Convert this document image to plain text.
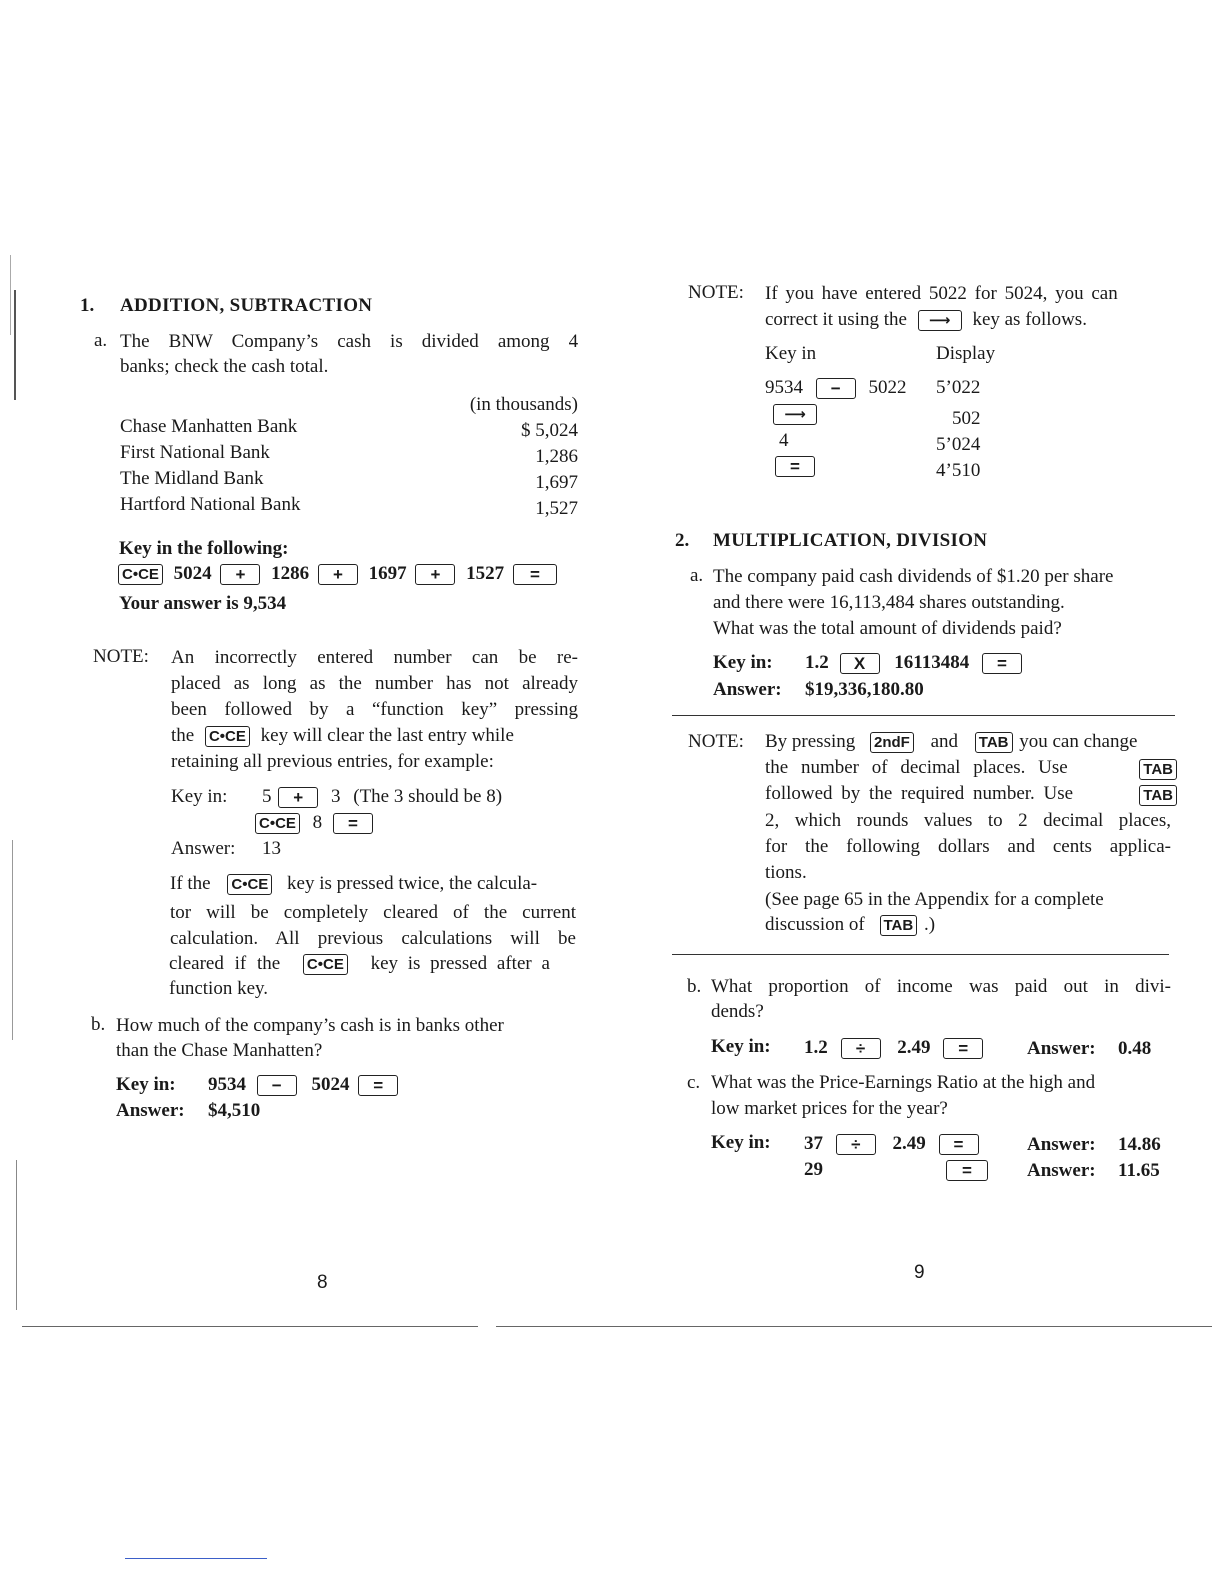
1. ADDITION, SUBTRACTION
a. The BNW Company’s cash is divided among 4
banks; check the cash total.
(in thousands)
Chase Manhatten Bank	$ 5,024
First National Bank	1,286
The Midland Bank	1,697
Hartford National Bank	1,527
Key in the following:
C•CE 5024 + 1286 + 1697 + 1527 =
Your answer is 9,534
NOTE: An incorrectly entered number can be re-
placed as long as the number has not already
been followed by a “function key” pressing
the C•CE key will clear the last entry while
retaining all previous entries, for example:
Key in: 5 + 3 (The 3 should be 8)
C•CE 8 =
Answer: 13
If the C•CE key is pressed twice, the calcula-
tor will be completely cleared of the current
calculation. All previous calculations will be
cleared if the C•CE key is pressed after a
function key.
b. How much of the company’s cash is in banks other
than the Chase Manhatten?
Key in: 9534 − 5024 =
Answer: $4,510
8
NOTE: If you have entered 5022 for 5024, you can
correct it using the ⟶ key as follows.
Key in	Display
9534 − 5022 5’022
⟶	502
4	5’024
=	4’510
2. MULTIPLICATION, DIVISION
a. The company paid cash dividends of $1.20 per share
and there were 16,113,484 shares outstanding.
What was the total amount of dividends paid?
Key in: 1.2 X 16113484 =
Answer: $19,336,180.80
NOTE: By pressing 2ndF and TAB you can change
the number of decimal places. Use	TAB
followed by the required number. Use	TAB
2, which rounds values to 2 decimal places,
for the following dollars and cents applica-
tions.
(See page 65 in the Appendix for a complete
discussion of TAB .)
b. What proportion of income was paid out in divi-
dends?
Key in: 1.2 ÷ 2.49 =	Answer: 0.48
c. What was the Price-Earnings Ratio at the high and
low market prices for the year?
Key in: 37 ÷ 2.49 =	Answer: 14.86
29	=	Answer: 11.65
9
